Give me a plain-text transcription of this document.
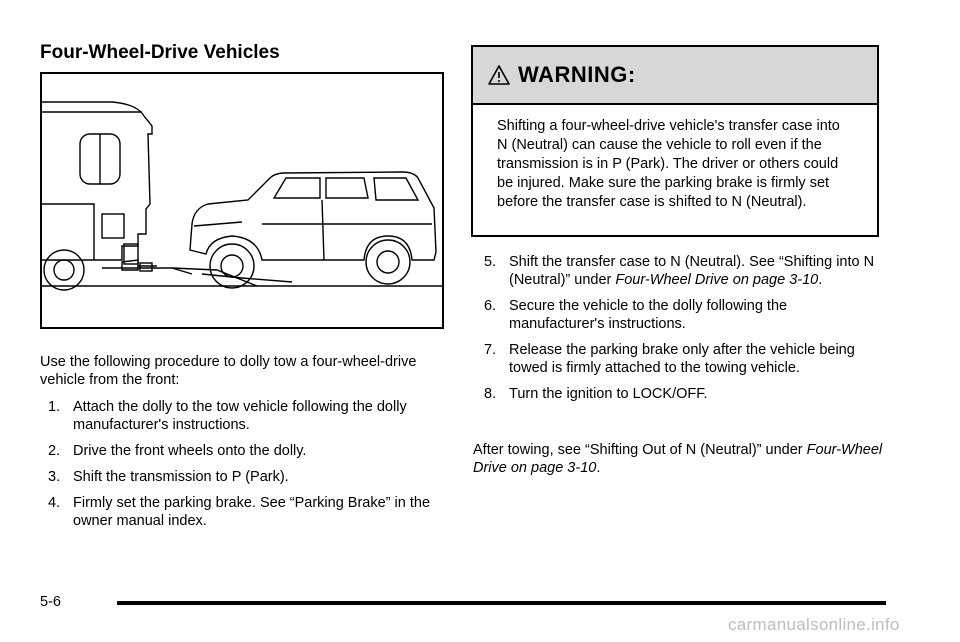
Four-Wheel-Drive Vehicles
Use the following procedure to dolly tow a four-wheel-drive vehicle from the front:
1. Attach the dolly to the tow vehicle following the dolly manufacturer's instructions.
2. Drive the front wheels onto the dolly.
3. Shift the transmission to P (Park).
4. Firmly set the parking brake. See “Parking Brake” in the owner manual index.
WARNING:
Shifting a four-wheel-drive vehicle's transfer case into N (Neutral) can cause the vehicle to roll even if the transmission is in P (Park). The driver or others could be injured. Make sure the parking brake is firmly set before the transfer case is shifted to N (Neutral).
5. Shift the transfer case to N (Neutral). See “Shifting into N (Neutral)” under Four-Wheel Drive on page 3-10.
6. Secure the vehicle to the dolly following the manufacturer's instructions.
7. Release the parking brake only after the vehicle being towed is firmly attached to the towing vehicle.
8. Turn the ignition to LOCK/OFF.
After towing, see “Shifting Out of N (Neutral)” under Four-Wheel Drive on page 3-10.
5-6
carmanualsonline.info
